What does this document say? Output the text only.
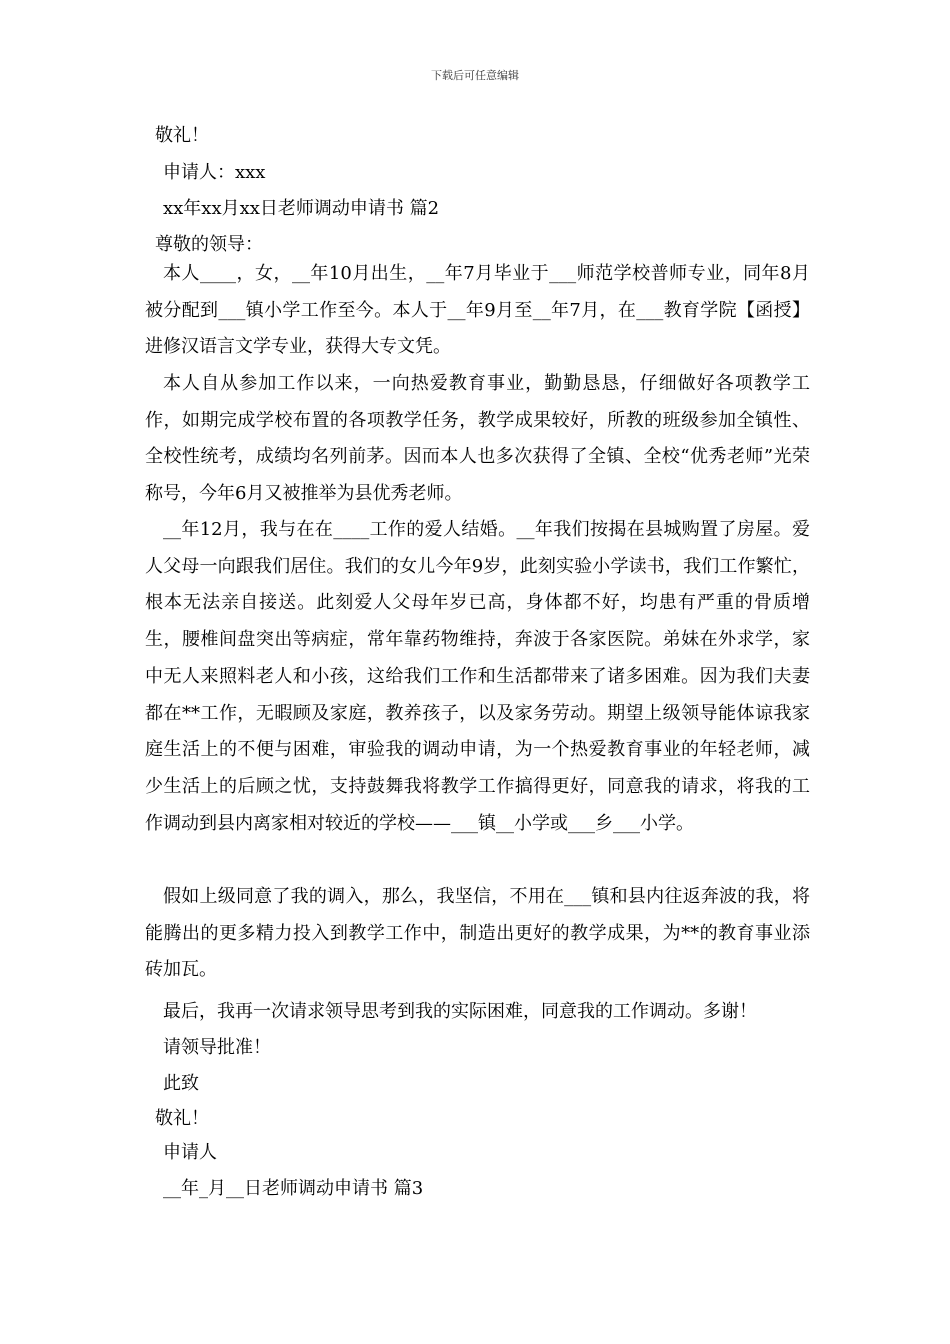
下载后可任意编辑
敬礼！
申请人：xxx
xx年xx月xx日老师调动申请书 篇2
尊敬的领导：
本人____，女，__年10月出生，__年7月毕业于___师范学校普师专业，同年8月被分配到___镇小学工作至今。本人于__年9月至__年7月，在___教育学院【函授】进修汉语言文学专业，获得大专文凭。
本人自从参加工作以来，一向热爱教育事业，勤勤恳恳，仔细做好各项教学工作，如期完成学校布置的各项教学任务，教学成果较好，所教的班级参加全镇性、全校性统考，成绩均名列前茅。因而本人也多次获得了全镇、全校“优秀老师”光荣称号，今年6月又被推举为县优秀老师。
__年12月，我与在在____工作的爱人结婚。__年我们按揭在县城购置了房屋。爱人父母一向跟我们居住。我们的女儿今年9岁，此刻实验小学读书，我们工作繁忙，根本无法亲自接送。此刻爱人父母年岁已高，身体都不好，均患有严重的骨质增生，腰椎间盘突出等病症，常年靠药物维持，奔波于各家医院。弟妹在外求学，家中无人来照料老人和小孩，这给我们工作和生活都带来了诸多困难。因为我们夫妻都在**工作，无暇顾及家庭，教养孩子，以及家务劳动。期望上级领导能体谅我家庭生活上的不便与困难，审验我的调动申请，为一个热爱教育事业的年轻老师，减少生活上的后顾之忧，支持鼓舞我将教学工作搞得更好，同意我的请求，将我的工作调动到县内离家相对较近的学校——___镇__小学或___乡___小学。
假如上级同意了我的调入，那么，我坚信，不用在___镇和县内往返奔波的我，将能腾出的更多精力投入到教学工作中，制造出更好的教学成果，为**的教育事业添砖加瓦。
最后，我再一次请求领导思考到我的实际困难，同意我的工作调动。多谢！
请领导批准！
此致
敬礼！
申请人
__年_月__日老师调动申请书 篇3
